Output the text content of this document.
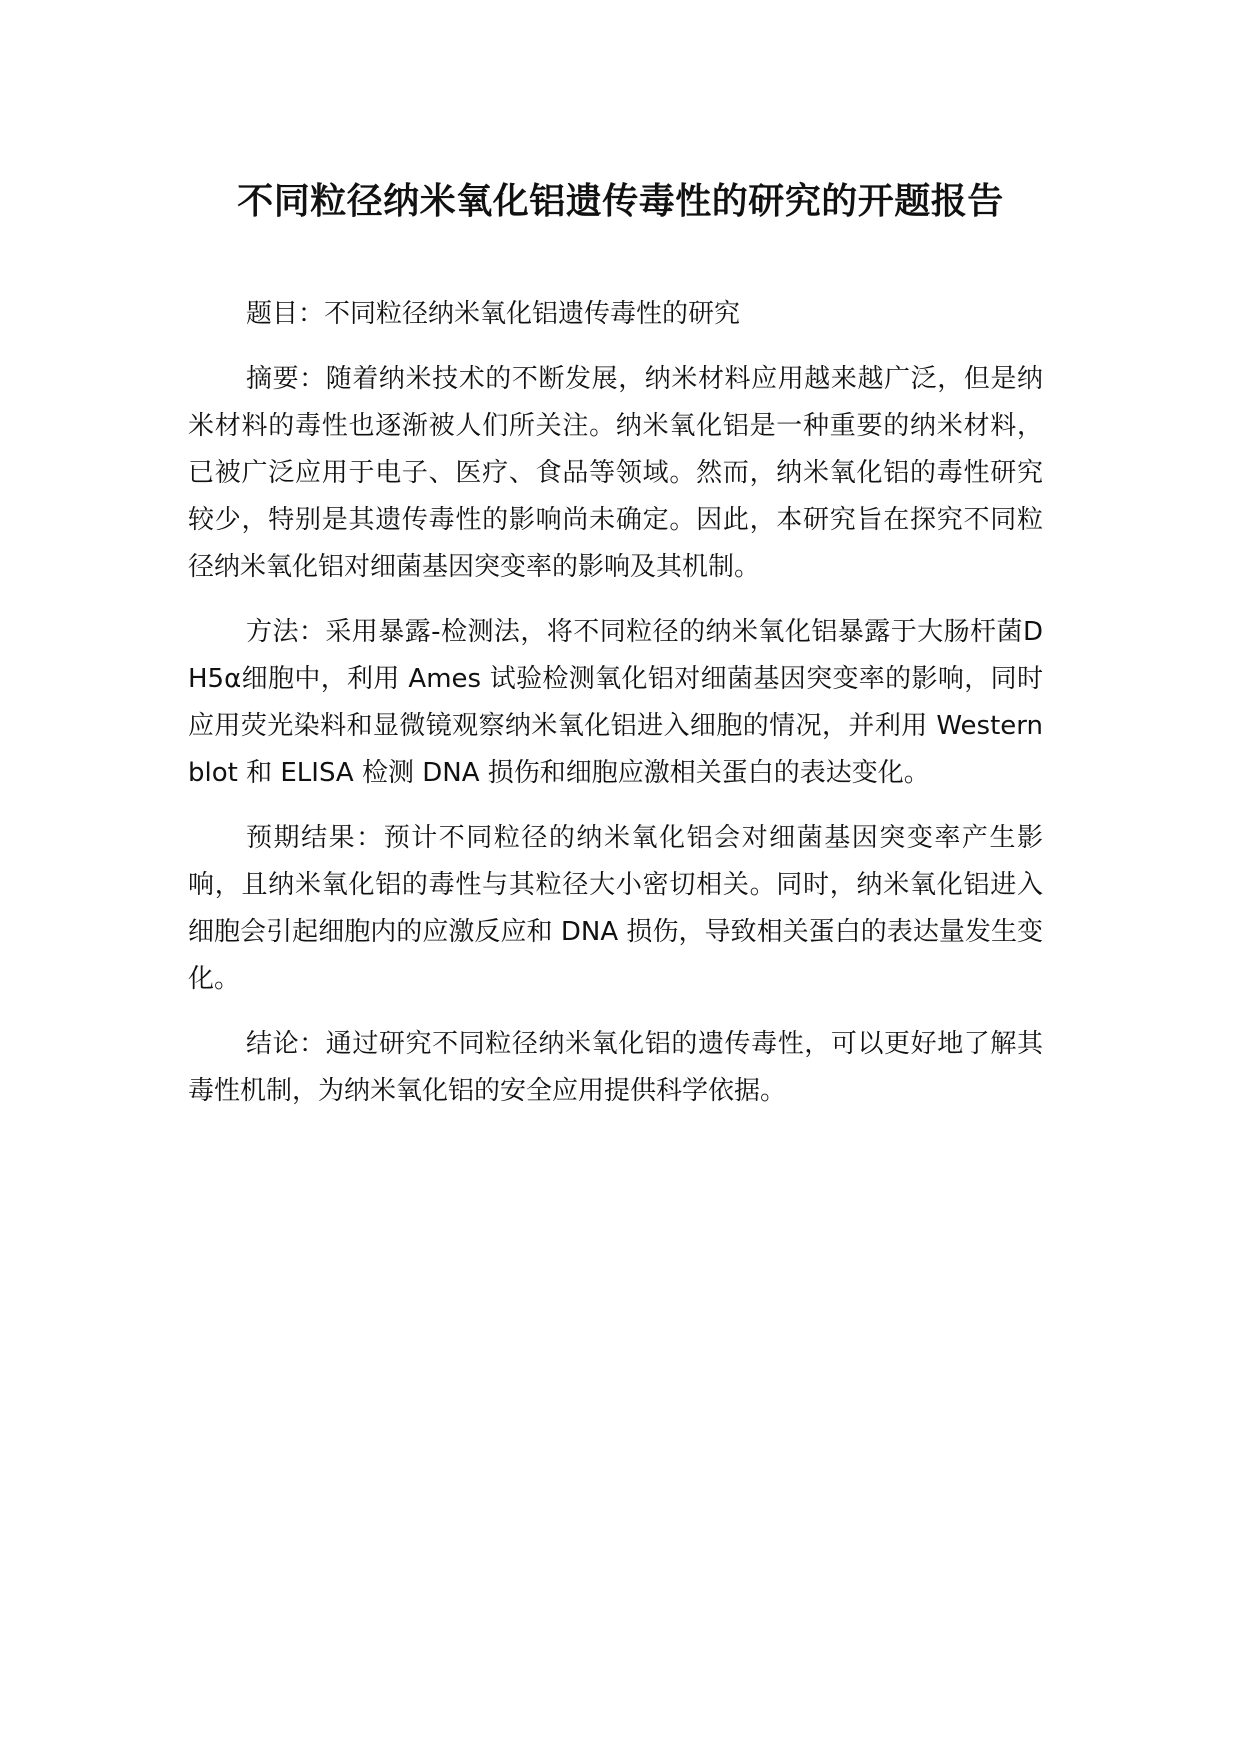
不同粒径纳米氧化铝遗传毒性的研究的开题报告

题目：不同粒径纳米氧化铝遗传毒性的研究

摘要：随着纳米技术的不断发展，纳米材料应用越来越广泛，但是纳米材料的毒性也逐渐被人们所关注。纳米氧化铝是一种重要的纳米材料，已被广泛应用于电子、医疗、食品等领域。然而，纳米氧化铝的毒性研究较少，特别是其遗传毒性的影响尚未确定。因此，本研究旨在探究不同粒径纳米氧化铝对细菌基因突变率的影响及其机制。

方法：采用暴露-检测法，将不同粒径的纳米氧化铝暴露于大肠杆菌DH5α细胞中，利用 Ames 试验检测氧化铝对细菌基因突变率的影响，同时应用荧光染料和显微镜观察纳米氧化铝进入细胞的情况，并利用 Western blot 和 ELISA 检测 DNA 损伤和细胞应激相关蛋白的表达变化。

预期结果：预计不同粒径的纳米氧化铝会对细菌基因突变率产生影响，且纳米氧化铝的毒性与其粒径大小密切相关。同时，纳米氧化铝进入细胞会引起细胞内的应激反应和 DNA 损伤，导致相关蛋白的表达量发生变化。

结论：通过研究不同粒径纳米氧化铝的遗传毒性，可以更好地了解其毒性机制，为纳米氧化铝的安全应用提供科学依据。
